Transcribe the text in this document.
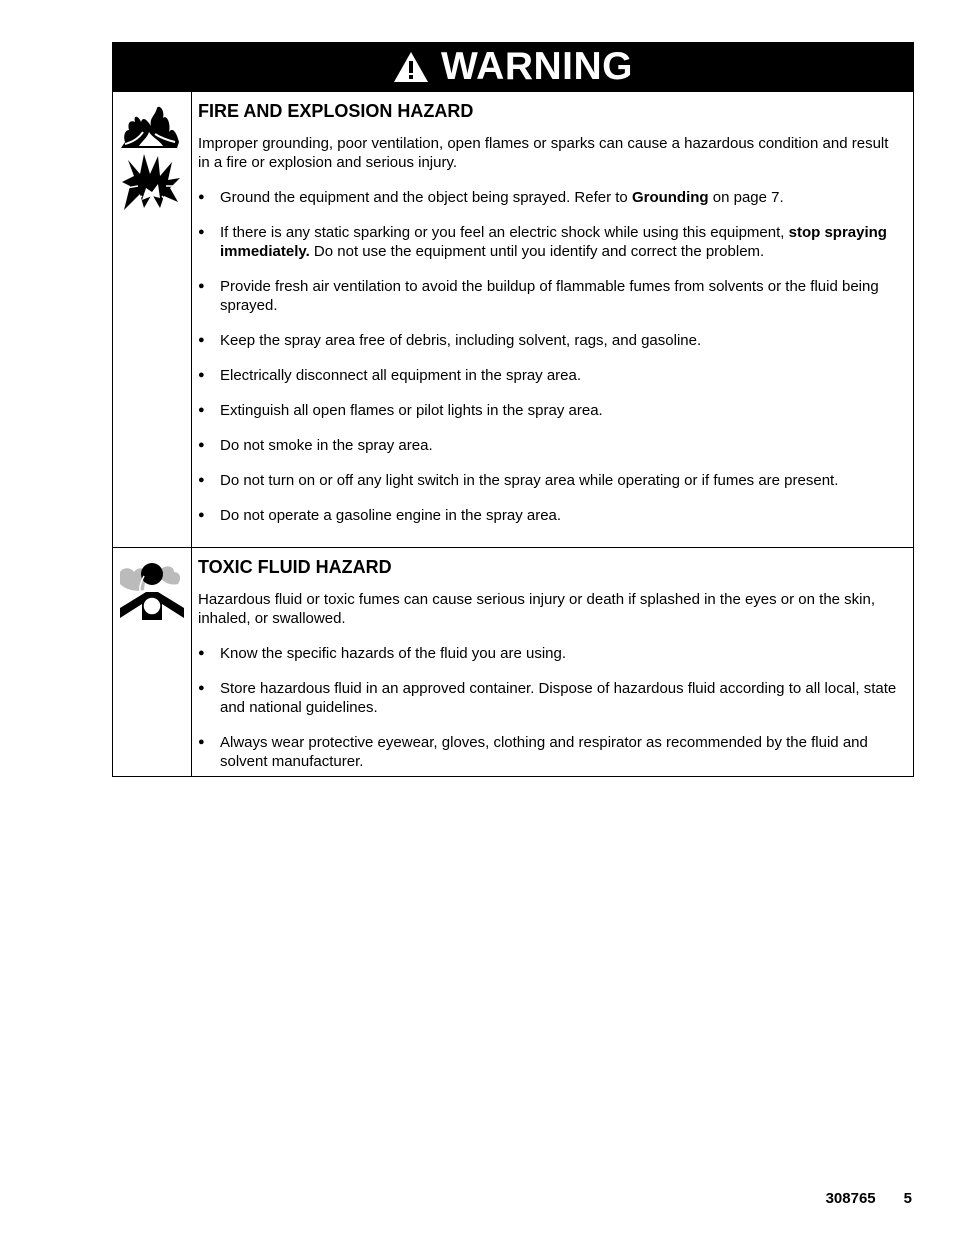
WARNING
FIRE AND EXPLOSION HAZARD
Improper grounding, poor ventilation, open flames or sparks can cause a hazardous condition and result in a fire or explosion and serious injury.
● Ground the equipment and the object being sprayed. Refer to Grounding on page 7.
● If there is any static sparking or you feel an electric shock while using this equipment, stop spraying immediately. Do not use the equipment until you identify and correct the problem.
● Provide fresh air ventilation to avoid the buildup of flammable fumes from solvents or the fluid being sprayed.
● Keep the spray area free of debris, including solvent, rags, and gasoline.
● Electrically disconnect all equipment in the spray area.
● Extinguish all open flames or pilot lights in the spray area.
● Do not smoke in the spray area.
● Do not turn on or off any light switch in the spray area while operating or if fumes are present.
● Do not operate a gasoline engine in the spray area.
TOXIC FLUID HAZARD
Hazardous fluid or toxic fumes can cause serious injury or death if splashed in the eyes or on the skin, inhaled, or swallowed.
● Know the specific hazards of the fluid you are using.
● Store hazardous fluid in an approved container. Dispose of hazardous fluid according to all local, state and national guidelines.
● Always wear protective eyewear, gloves, clothing and respirator as recommended by the fluid and solvent manufacturer.
308765 5
